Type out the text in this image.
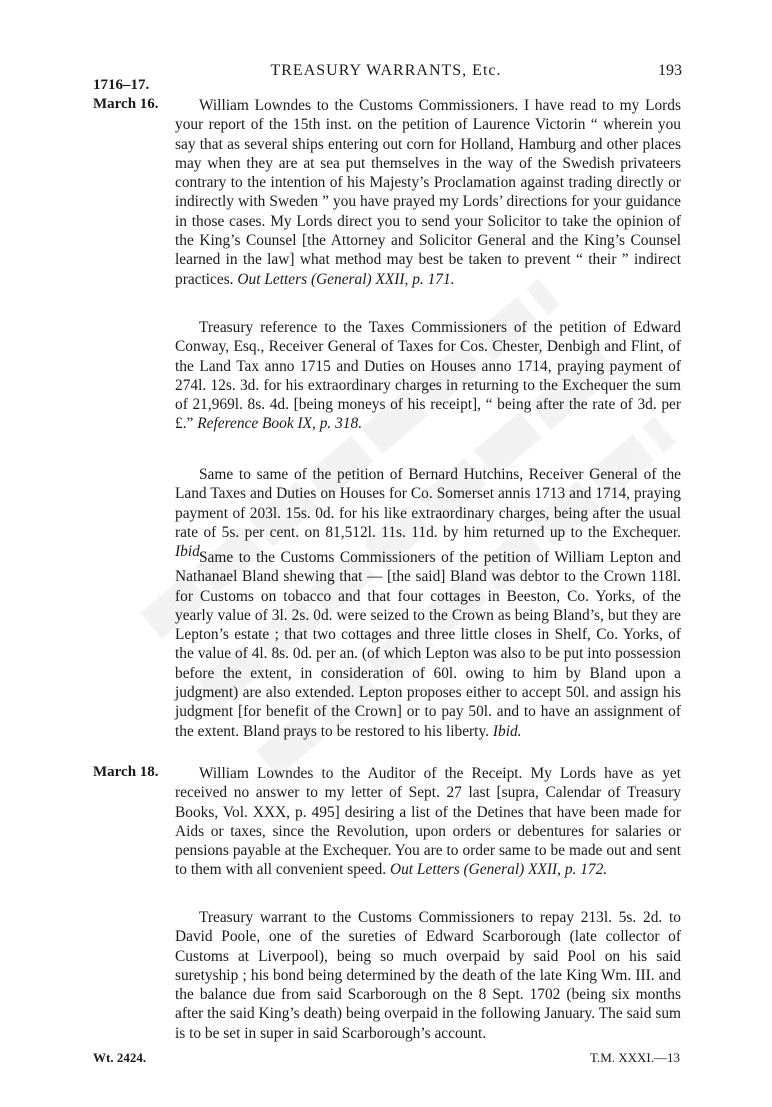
TREASURY WARRANTS, Etc.	193
1716–17.
March 16.
March 18.

William Lowndes to the Customs Commissioners. I have read to my Lords your report of the 15th inst. on the petition of Laurence Victorin “ wherein you say that as several ships entering out corn for Holland, Hamburg and other places may when they are at sea put themselves in the way of the Swedish privateers contrary to the intention of his Majesty’s Proclamation against trading directly or indirectly with Sweden ” you have prayed my Lords’ directions for your guidance in those cases. My Lords direct you to send your Solicitor to take the opinion of the King’s Counsel [the Attorney and Solicitor General and the King’s Counsel learned in the law] what method may best be taken to prevent “ their ” indirect practices. Out Letters (General) XXII, p. 171.

Treasury reference to the Taxes Commissioners of the petition of Edward Conway, Esq., Receiver General of Taxes for Cos. Chester, Denbigh and Flint, of the Land Tax anno 1715 and Duties on Houses anno 1714, praying payment of 274l. 12s. 3d. for his extraordinary charges in returning to the Exchequer the sum of 21,969l. 8s. 4d. [being moneys of his receipt], “ being after the rate of 3d. per £.” Reference Book IX, p. 318.

Same to same of the petition of Bernard Hutchins, Receiver General of the Land Taxes and Duties on Houses for Co. Somerset annis 1713 and 1714, praying payment of 203l. 15s. 0d. for his like extraordinary charges, being after the usual rate of 5s. per cent. on 81,512l. 11s. 11d. by him returned up to the Exchequer. Ibid.

Same to the Customs Commissioners of the petition of William Lepton and Nathanael Bland shewing that — [the said] Bland was debtor to the Crown 118l. for Customs on tobacco and that four cottages in Beeston, Co. Yorks, of the yearly value of 3l. 2s. 0d. were seized to the Crown as being Bland’s, but they are Lepton’s estate ; that two cottages and three little closes in Shelf, Co. Yorks, of the value of 4l. 8s. 0d. per an. (of which Lepton was also to be put into possession before the extent, in consideration of 60l. owing to him by Bland upon a judgment) are also extended. Lepton proposes either to accept 50l. and assign his judgment [for benefit of the Crown] or to pay 50l. and to have an assignment of the extent. Bland prays to be restored to his liberty. Ibid.

William Lowndes to the Auditor of the Receipt. My Lords have as yet received no answer to my letter of Sept. 27 last [supra, Calendar of Treasury Books, Vol. XXX, p. 495] desiring a list of the Detines that have been made for Aids or taxes, since the Revolution, upon orders or debentures for salaries or pensions payable at the Exchequer. You are to order same to be made out and sent to them with all convenient speed. Out Letters (General) XXII, p. 172.

Treasury warrant to the Customs Commissioners to repay 213l. 5s. 2d. to David Poole, one of the sureties of Edward Scarborough (late collector of Customs at Liverpool), being so much overpaid by said Pool on his said suretyship ; his bond being determined by the death of the late King Wm. III. and the balance due from said Scarborough on the 8 Sept. 1702 (being six months after the said King’s death) being overpaid in the following January. The said sum is to be set in super in said Scarborough’s account.

Wt. 2424.	T.M. XXXI.—13
